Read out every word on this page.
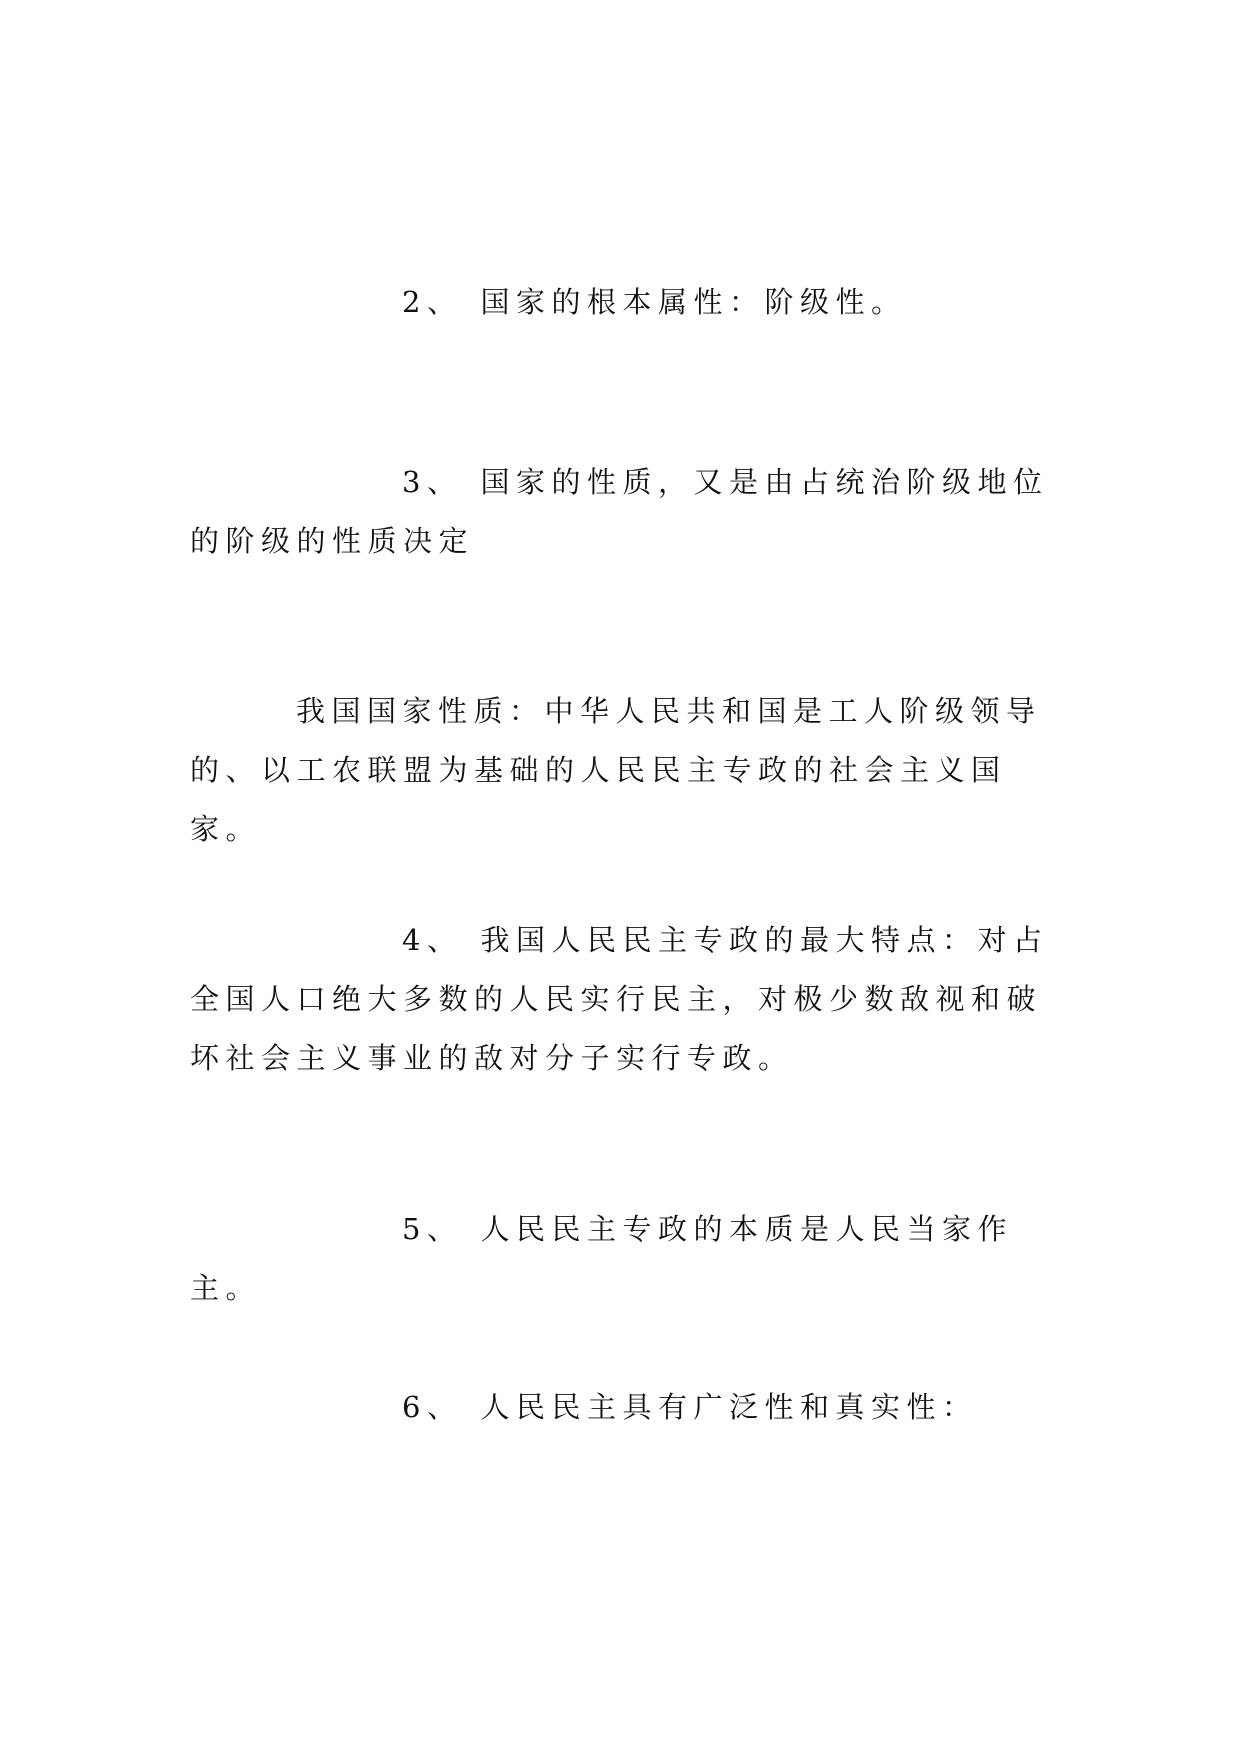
2、 国家的根本属性：阶级性。

3、 国家的性质，又是由占统治阶级地位的阶级的性质决定

我国国家性质：中华人民共和国是工人阶级领导的、以工农联盟为基础的人民民主专政的社会主义国家。

4、 我国人民民主专政的最大特点：对占全国人口绝大多数的人民实行民主，对极少数敌视和破坏社会主义事业的敌对分子实行专政。

5、 人民民主专政的本质是人民当家作主。

6、 人民民主具有广泛性和真实性：
